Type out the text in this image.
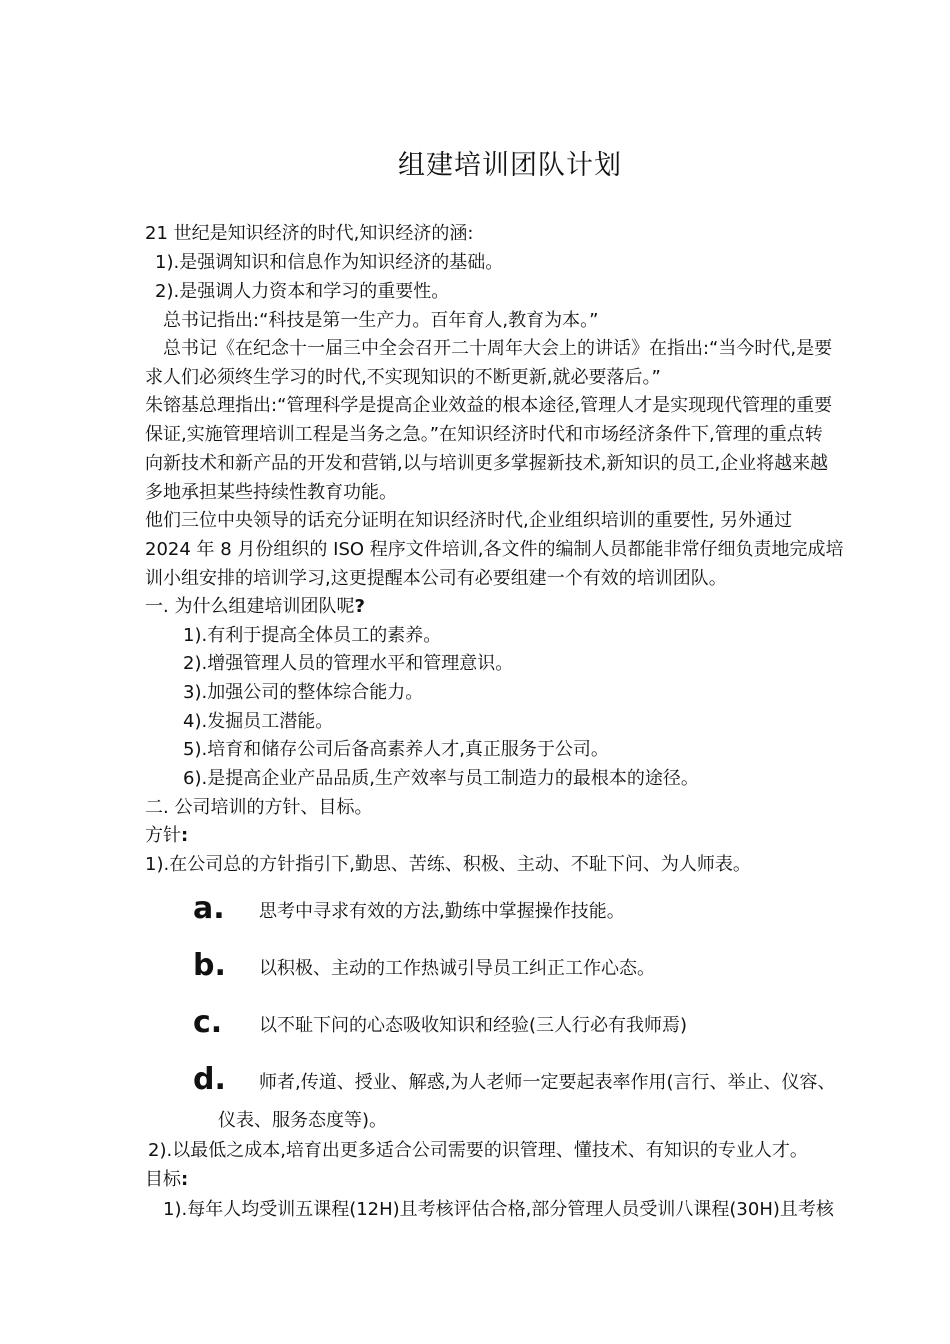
组建培训团队计划
21 世纪是知识经济的时代,知识经济的涵:
1).是强调知识和信息作为知识经济的基础。
2).是强调人力资本和学习的重要性。
总书记指出:“科技是第一生产力。百年育人,教育为本。”
总书记《在纪念十一届三中全会召开二十周年大会上的讲话》在指出:“当今时代,是要
求人们必须终生学习的时代,不实现知识的不断更新,就必要落后。”
朱镕基总理指出:“管理科学是提高企业效益的根本途径,管理人才是实现现代管理的重要
保证,实施管理培训工程是当务之急。”在知识经济时代和市场经济条件下,管理的重点转
向新技术和新产品的开发和营销,以与培训更多掌握新技术,新知识的员工,企业将越来越
多地承担某些持续性教育功能。
他们三位中央领导的话充分证明在知识经济时代,企业组织培训的重要性, 另外通过
2024 年 8 月份组织的 ISO 程序文件培训,各文件的编制人员都能非常仔细负责地完成培
训小组安排的培训学习,这更提醒本公司有必要组建一个有效的培训团队。
一. 为什么组建培训团队呢?
1).有利于提高全体员工的素养。
2).增强管理人员的管理水平和管理意识。
3).加强公司的整体综合能力。
4).发掘员工潜能。
5).培育和储存公司后备高素养人才,真正服务于公司。
6).是提高企业产品品质,生产效率与员工制造力的最根本的途径。
二. 公司培训的方针、目标。
方针:
1).在公司总的方针指引下,勤思、苦练、积极、主动、不耻下问、为人师表。
a. 思考中寻求有效的方法,勤练中掌握操作技能。
b. 以积极、主动的工作热诚引导员工纠正工作心态。
c. 以不耻下问的心态吸收知识和经验(三人行必有我师焉)
d. 师者,传道、授业、解惑,为人老师一定要起表率作用(言行、举止、仪容、
仪表、服务态度等)。
2).以最低之成本,培育出更多适合公司需要的识管理、懂技术、有知识的专业人才。
目标:
1).每年人均受训五课程(12H)且考核评估合格,部分管理人员受训八课程(30H)且考核
